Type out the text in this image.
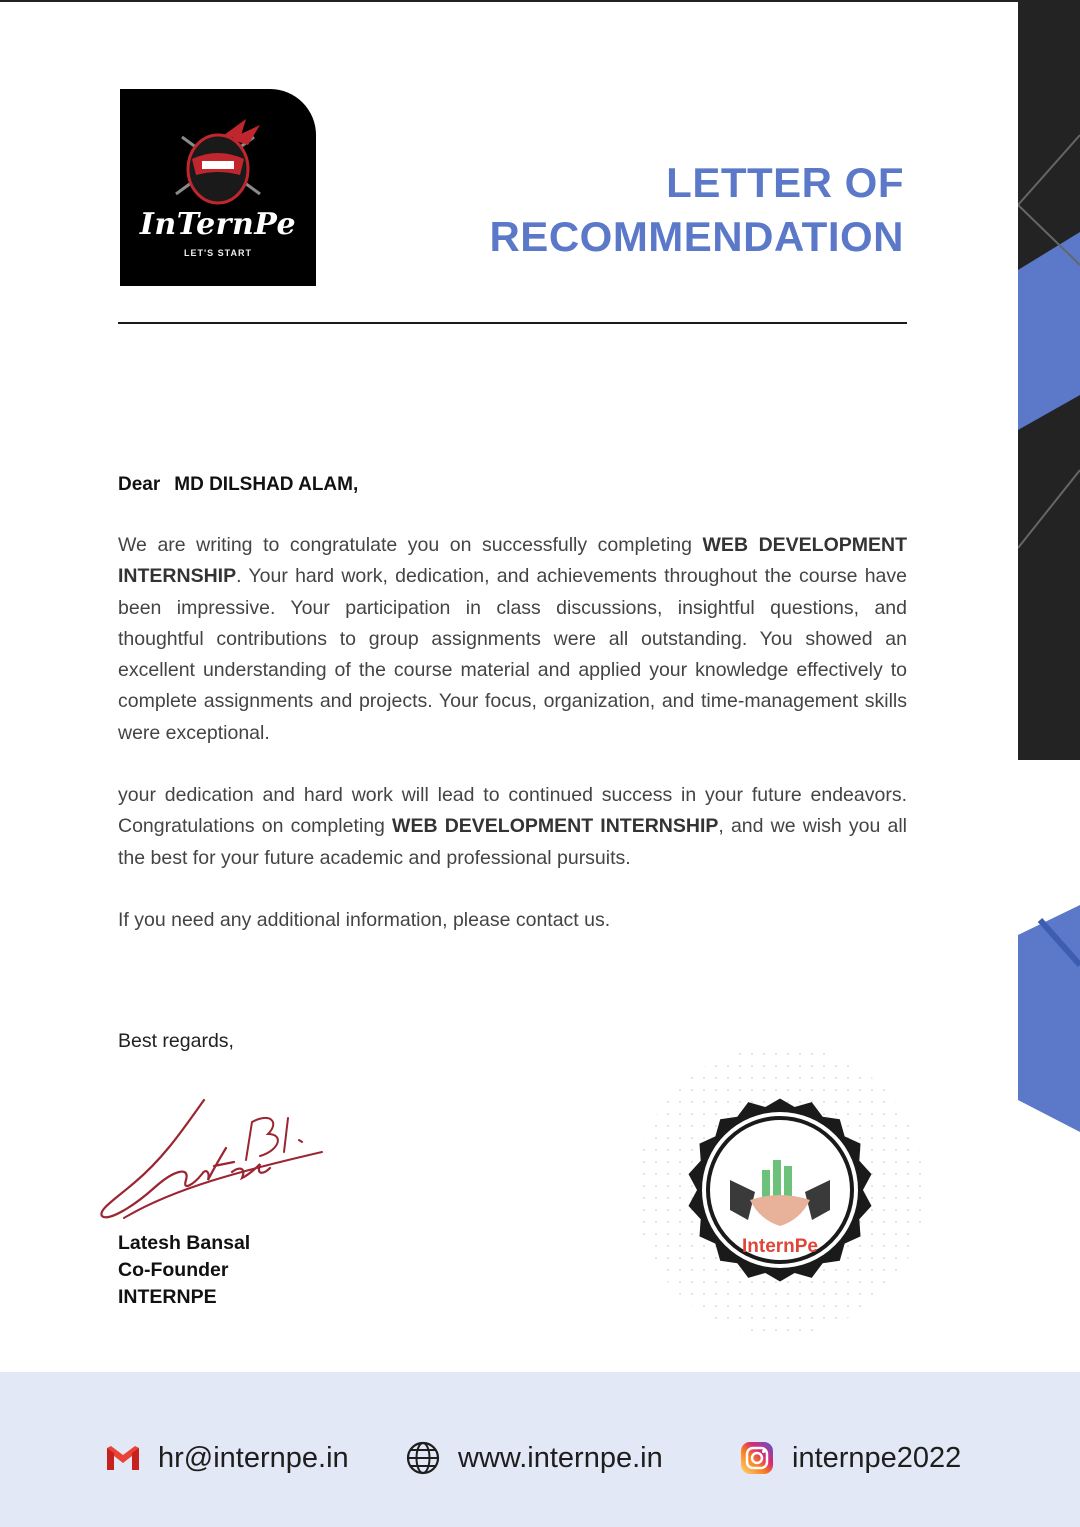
InTernPe
LET'S START
LETTER OF
RECOMMENDATION
Dear MD DILSHAD ALAM,
We are writing to congratulate you on successfully completing WEB DEVELOPMENT INTERNSHIP. Your hard work, dedication, and achievements throughout the course have been impressive. Your participation in class discussions, insightful questions, and thoughtful contributions to group assignments were all outstanding. You showed an excellent understanding of the course material and applied your knowledge effectively to complete assignments and projects. Your focus, organization, and time-management skills were exceptional.
your dedication and hard work will lead to continued success in your future endeavors. Congratulations on completing WEB DEVELOPMENT INTERNSHIP, and we wish you all the best for your future academic and professional pursuits.
If you need any additional information, please contact us.
Best regards,
Latesh Bansal
Co-Founder
INTERNPE
InternPe
hr@internpe.in	www.internpe.in	internpe2022
